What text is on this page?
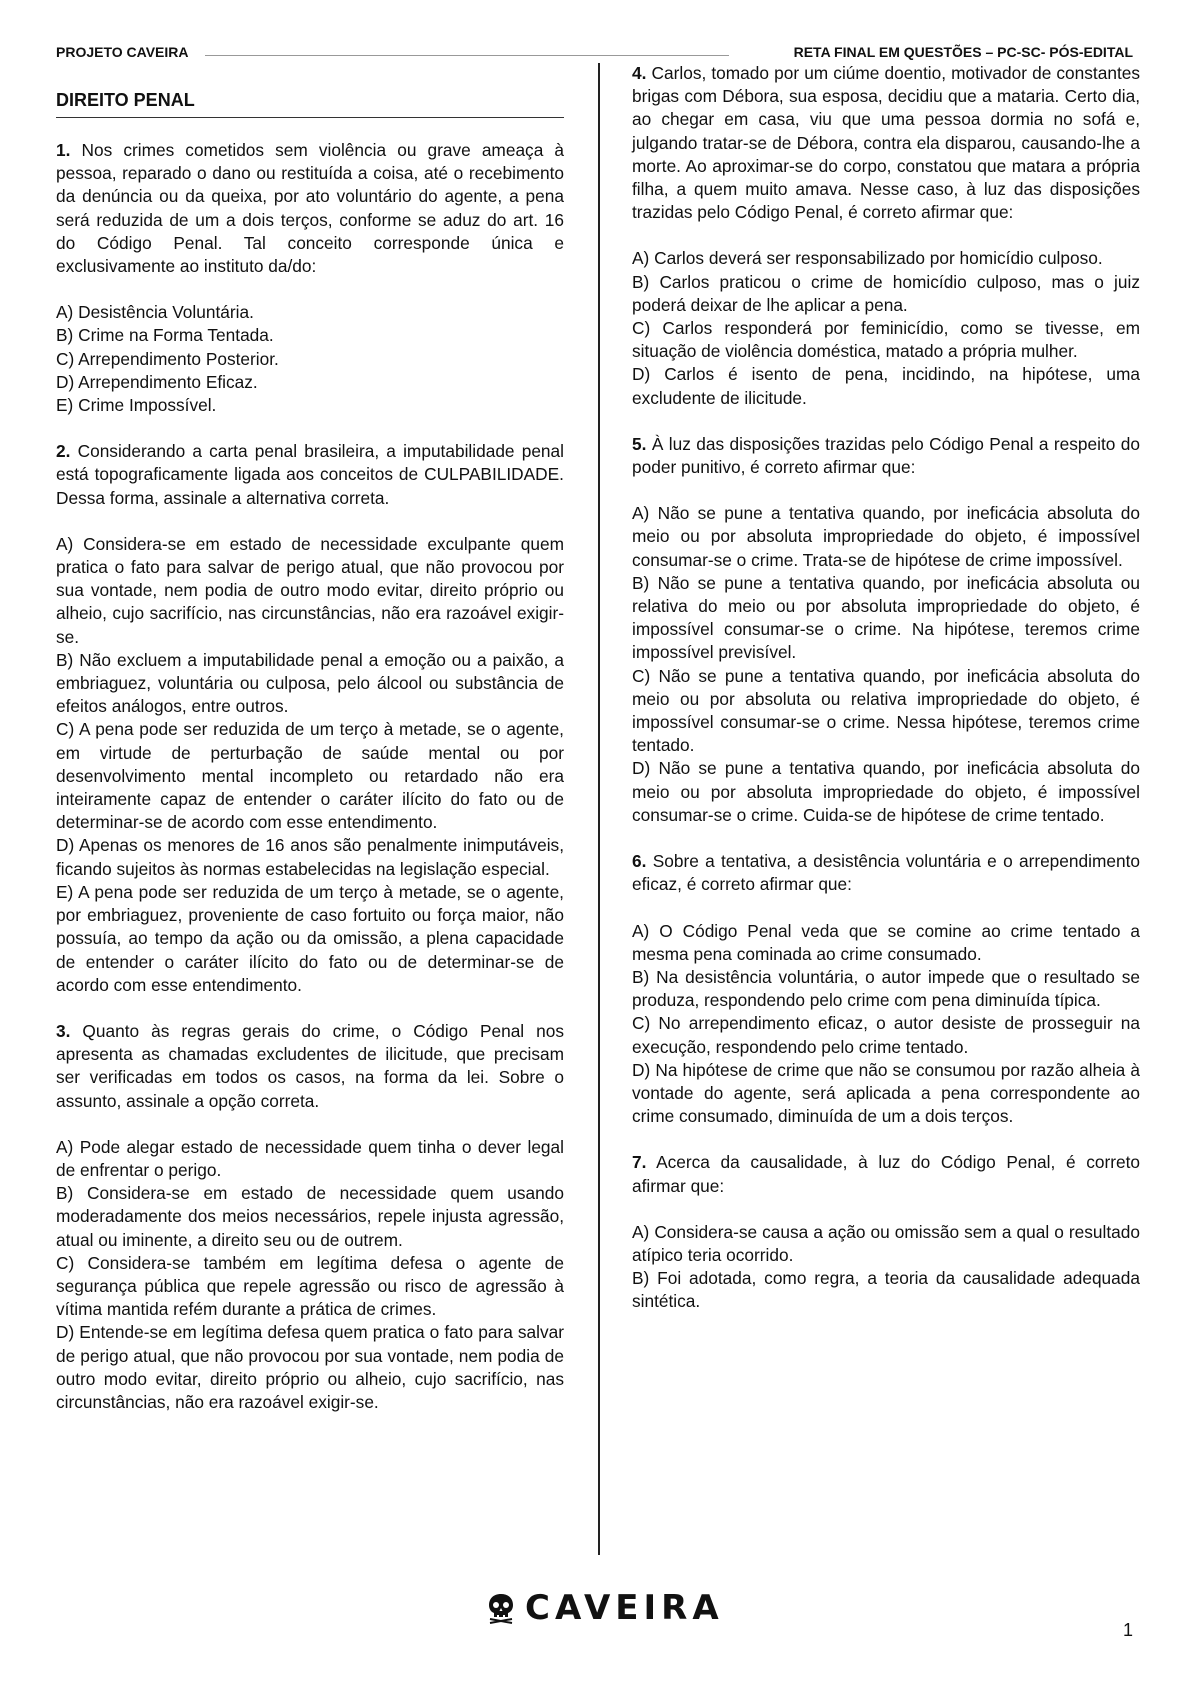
PROJETO CAVEIRA	RETA FINAL EM QUESTÕES – PC-SC- PÓS-EDITAL
DIREITO PENAL

1. Nos crimes cometidos sem violência ou grave ameaça à pessoa, reparado o dano ou restituída a coisa, até o recebimento da denúncia ou da queixa, por ato voluntário do agente, a pena será reduzida de um a dois terços, conforme se aduz do art. 16 do Código Penal. Tal conceito corresponde única e exclusivamente ao instituto da/do:

A) Desistência Voluntária.

B) Crime na Forma Tentada.

C) Arrependimento Posterior.

D) Arrependimento Eficaz.

E) Crime Impossível.

2. Considerando a carta penal brasileira, a imputabilidade penal está topograficamente ligada aos conceitos de CULPABILIDADE. Dessa forma, assinale a alternativa correta.

A) Considera-se em estado de necessidade exculpante quem pratica o fato para salvar de perigo atual, que não provocou por sua vontade, nem podia de outro modo evitar, direito próprio ou alheio, cujo sacrifício, nas circunstâncias, não era razoável exigir-se.

B) Não excluem a imputabilidade penal a emoção ou a paixão, a embriaguez, voluntária ou culposa, pelo álcool ou substância de efeitos análogos, entre outros.

C) A pena pode ser reduzida de um terço à metade, se o agente, em virtude de perturbação de saúde mental ou por desenvolvimento mental incompleto ou retardado não era inteiramente capaz de entender o caráter ilícito do fato ou de determinar-se de acordo com esse entendimento.

D) Apenas os menores de 16 anos são penalmente inimputáveis, ficando sujeitos às normas estabelecidas na legislação especial.

E) A pena pode ser reduzida de um terço à metade, se o agente, por embriaguez, proveniente de caso fortuito ou força maior, não possuía, ao tempo da ação ou da omissão, a plena capacidade de entender o caráter ilícito do fato ou de determinar-se de acordo com esse entendimento.

3. Quanto às regras gerais do crime, o Código Penal nos apresenta as chamadas excludentes de ilicitude, que precisam ser verificadas em todos os casos, na forma da lei. Sobre o assunto, assinale a opção correta.

A) Pode alegar estado de necessidade quem tinha o dever legal de enfrentar o perigo.

B) Considera-se em estado de necessidade quem usando moderadamente dos meios necessários, repele injusta agressão, atual ou iminente, a direito seu ou de outrem.

C) Considera-se também em legítima defesa o agente de segurança pública que repele agressão ou risco de agressão à vítima mantida refém durante a prática de crimes.

D) Entende-se em legítima defesa quem pratica o fato para salvar de perigo atual, que não provocou por sua vontade, nem podia de outro modo evitar, direito próprio ou alheio, cujo sacrifício, nas circunstâncias, não era razoável exigir-se.

4. Carlos, tomado por um ciúme doentio, motivador de constantes brigas com Débora, sua esposa, decidiu que a mataria. Certo dia, ao chegar em casa, viu que uma pessoa dormia no sofá e, julgando tratar-se de Débora, contra ela disparou, causando-lhe a morte. Ao aproximar-se do corpo, constatou que matara a própria filha, a quem muito amava. Nesse caso, à luz das disposições trazidas pelo Código Penal, é correto afirmar que:

A) Carlos deverá ser responsabilizado por homicídio culposo.

B) Carlos praticou o crime de homicídio culposo, mas o juiz poderá deixar de lhe aplicar a pena.

C) Carlos responderá por feminicídio, como se tivesse, em situação de violência doméstica, matado a própria mulher.

D) Carlos é isento de pena, incidindo, na hipótese, uma excludente de ilicitude.

5. À luz das disposições trazidas pelo Código Penal a respeito do poder punitivo, é correto afirmar que:

A) Não se pune a tentativa quando, por ineficácia absoluta do meio ou por absoluta impropriedade do objeto, é impossível consumar-se o crime. Trata-se de hipótese de crime impossível.

B) Não se pune a tentativa quando, por ineficácia absoluta ou relativa do meio ou por absoluta impropriedade do objeto, é impossível consumar-se o crime. Na hipótese, teremos crime impossível previsível.

C) Não se pune a tentativa quando, por ineficácia absoluta do meio ou por absoluta ou relativa impropriedade do objeto, é impossível consumar-se o crime. Nessa hipótese, teremos crime tentado.

D) Não se pune a tentativa quando, por ineficácia absoluta do meio ou por absoluta impropriedade do objeto, é impossível consumar-se o crime. Cuida-se de hipótese de crime tentado.

6. Sobre a tentativa, a desistência voluntária e o arrependimento eficaz, é correto afirmar que:

A) O Código Penal veda que se comine ao crime tentado a mesma pena cominada ao crime consumado.

B) Na desistência voluntária, o autor impede que o resultado se produza, respondendo pelo crime com pena diminuída típica.

C) No arrependimento eficaz, o autor desiste de prosseguir na execução, respondendo pelo crime tentado.

D) Na hipótese de crime que não se consumou por razão alheia à vontade do agente, será aplicada a pena correspondente ao crime consumado, diminuída de um a dois terços.

7. Acerca da causalidade, à luz do Código Penal, é correto afirmar que:

A) Considera-se causa a ação ou omissão sem a qual o resultado atípico teria ocorrido.

B) Foi adotada, como regra, a teoria da causalidade adequada sintética.

CAVEIRA
1
